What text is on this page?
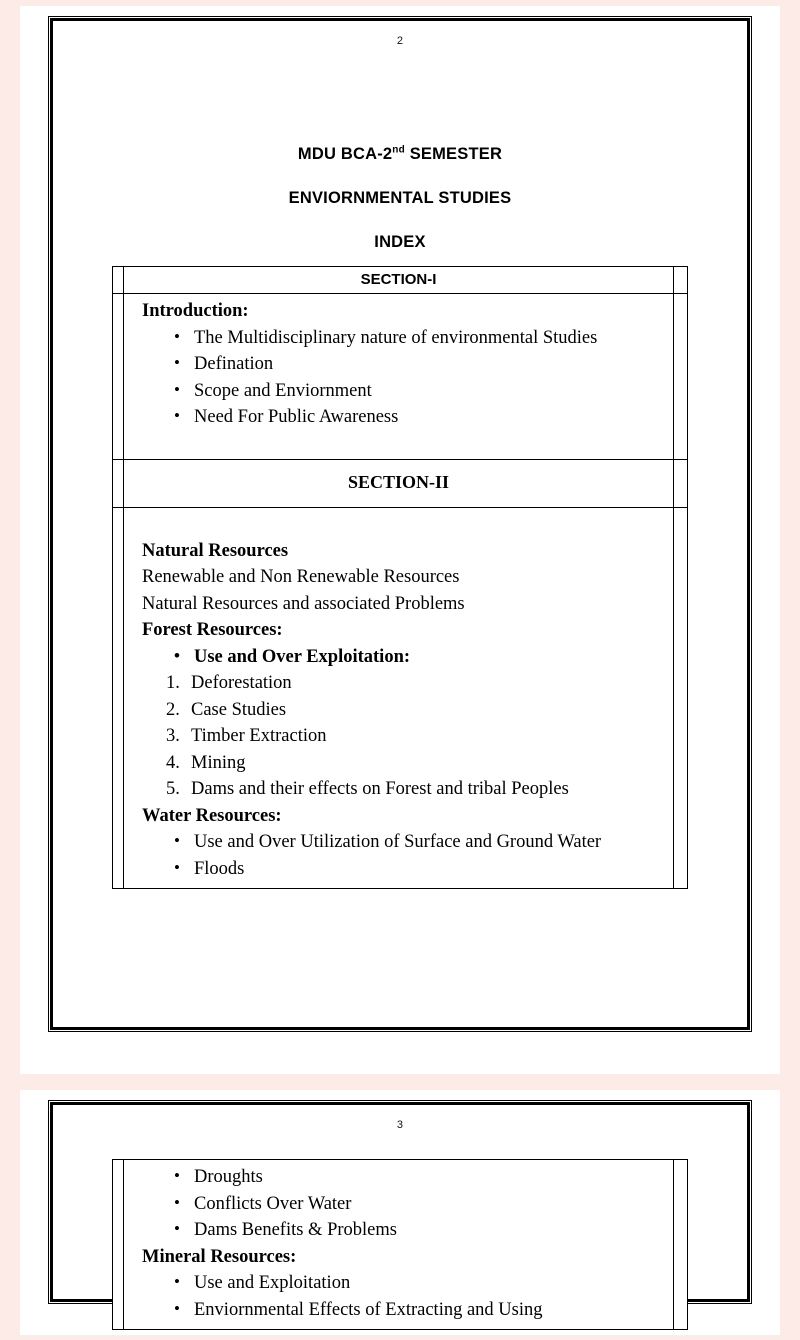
2
MDU BCA-2nd SEMESTER
ENVIORNMENTAL STUDIES
INDEX

	SECTION-I	

Introduction:
• The Multidisciplinary nature of environmental Studies
• Defination
• Scope and Enviornment
• Need For Public Awareness

	SECTION-II	

Natural Resources
Renewable and Non Renewable Resources
Natural Resources and associated Problems
Forest Resources:
• Use and Over Exploitation:
Deforestation
Case Studies
Timber Extraction
Mining
Dams and their effects on Forest and tribal Peoples
Water Resources:
• Use and Over Utilization of Surface and Ground Water
• Floods

3

• Droughts
• Conflicts Over Water
• Dams Benefits & Problems
Mineral Resources:
• Use and Exploitation
• Enviornmental Effects of Extracting and Using
